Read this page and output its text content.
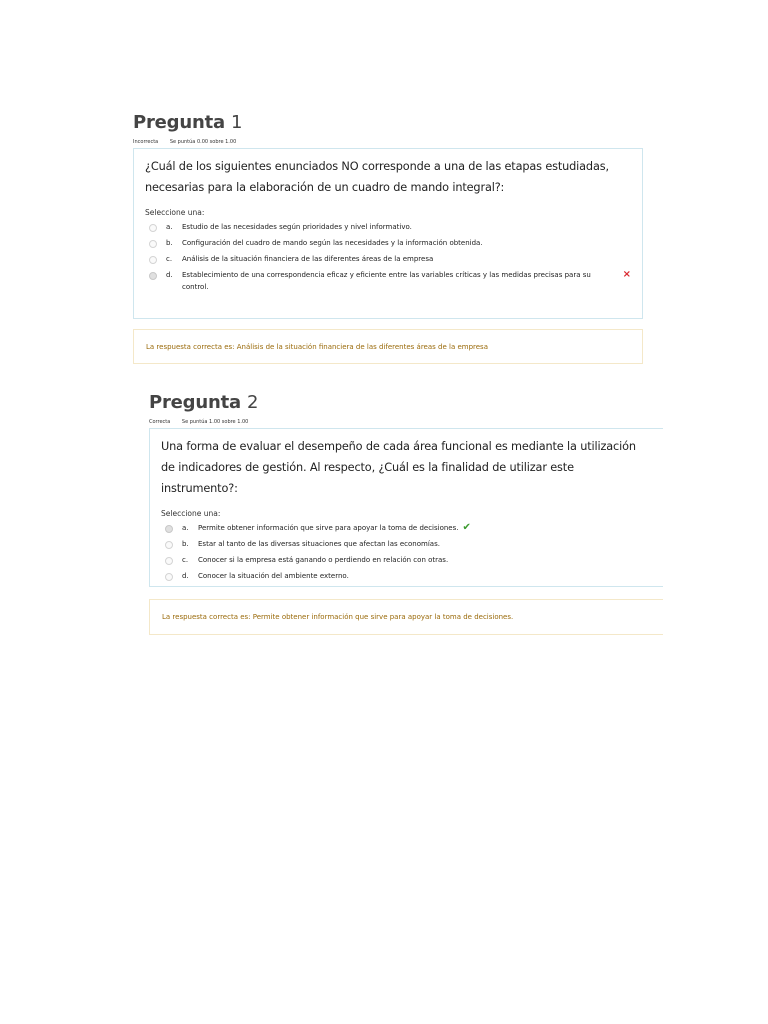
Pregunta 1
Incorrecta Se puntúa 0.00 sobre 1.00
¿Cuál de los siguientes enunciados NO corresponde a una de las etapas estudiadas, necesarias para la elaboración de un cuadro de mando integral?:
Seleccione una:
a.	Estudio de las necesidades según prioridades y nivel informativo.
b.	Configuración del cuadro de mando según las necesidades y la información obtenida.
c.	Análisis de la situación financiera de las diferentes áreas de la empresa
d.	Establecimiento de una correspondencia eficaz y eficiente entre las variables críticas y las medidas precisas para su control.
×
La respuesta correcta es: Análisis de la situación financiera de las diferentes áreas de la empresa
Pregunta 2
Correcta Se puntúa 1.00 sobre 1.00
Una forma de evaluar el desempeño de cada área funcional es mediante la utilización de indicadores de gestión. Al respecto, ¿Cuál es la finalidad de utilizar este instrumento?:
Seleccione una:
a.	Permite obtener información que sirve para apoyar la toma de decisiones. ✔
b.	Estar al tanto de las diversas situaciones que afectan las economías.
c.	Conocer si la empresa está ganando o perdiendo en relación con otras.
d.	Conocer la situación del ambiente externo.
La respuesta correcta es: Permite obtener información que sirve para apoyar la toma de decisiones.
